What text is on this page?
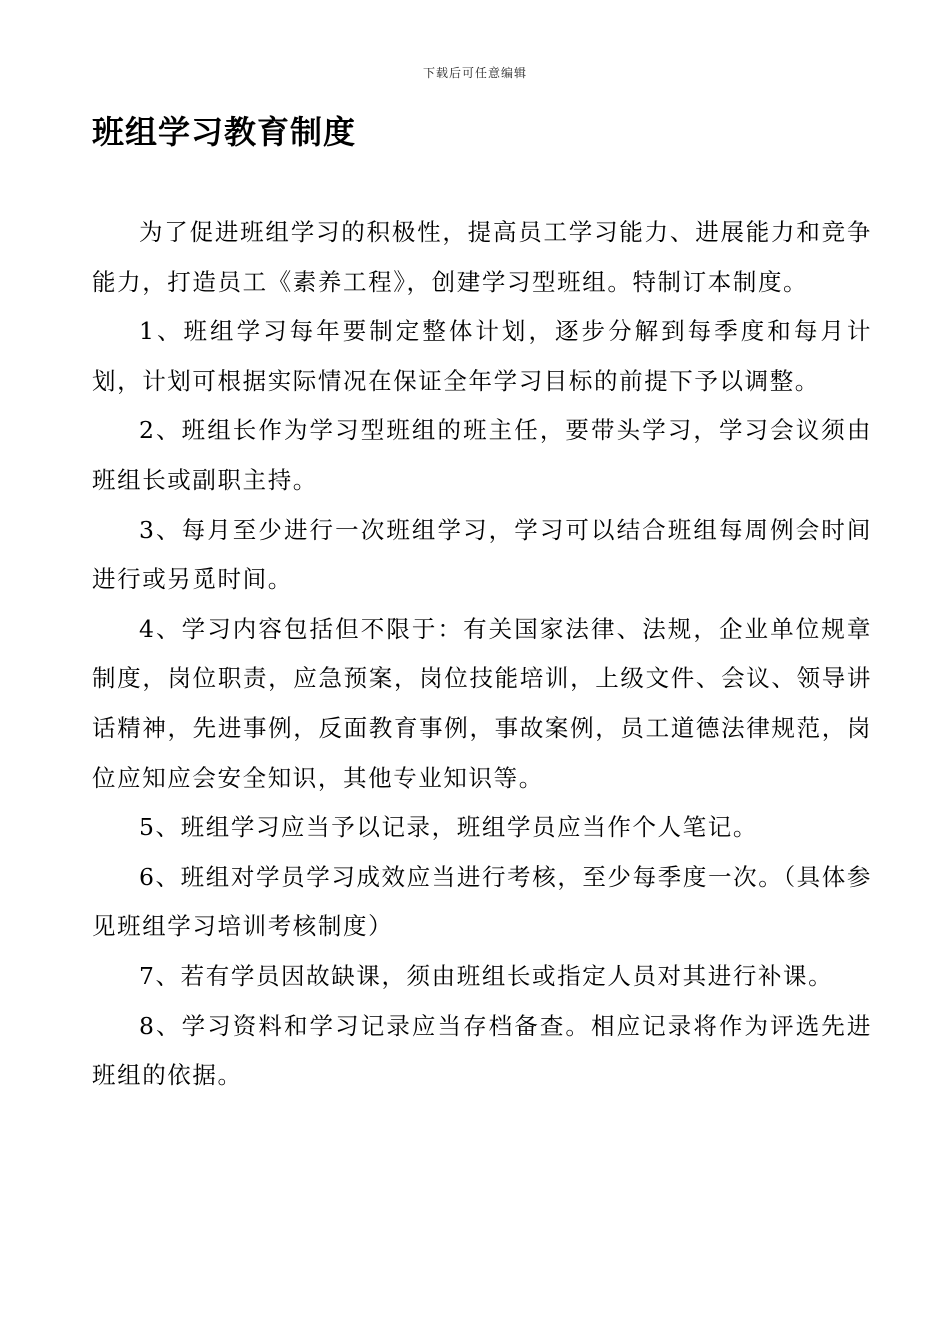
下载后可任意编辑
班组学习教育制度

为了促进班组学习的积极性，提高员工学习能力、进展能力和竞争能力，打造员工《素养工程》，创建学习型班组。特制订本制度。

1、班组学习每年要制定整体计划，逐步分解到每季度和每月计划，计划可根据实际情况在保证全年学习目标的前提下予以调整。

2、班组长作为学习型班组的班主任，要带头学习，学习会议须由班组长或副职主持。

3、每月至少进行一次班组学习，学习可以结合班组每周例会时间进行或另觅时间。

4、学习内容包括但不限于：有关国家法律、法规，企业单位规章制度，岗位职责，应急预案，岗位技能培训，上级文件、会议、领导讲话精神，先进事例，反面教育事例，事故案例，员工道德法律规范，岗位应知应会安全知识，其他专业知识等。

5、班组学习应当予以记录，班组学员应当作个人笔记。

6、班组对学员学习成效应当进行考核，至少每季度一次。（具体参见班组学习培训考核制度）

7、若有学员因故缺课，须由班组长或指定人员对其进行补课。

8、学习资料和学习记录应当存档备查。相应记录将作为评选先进班组的依据。
